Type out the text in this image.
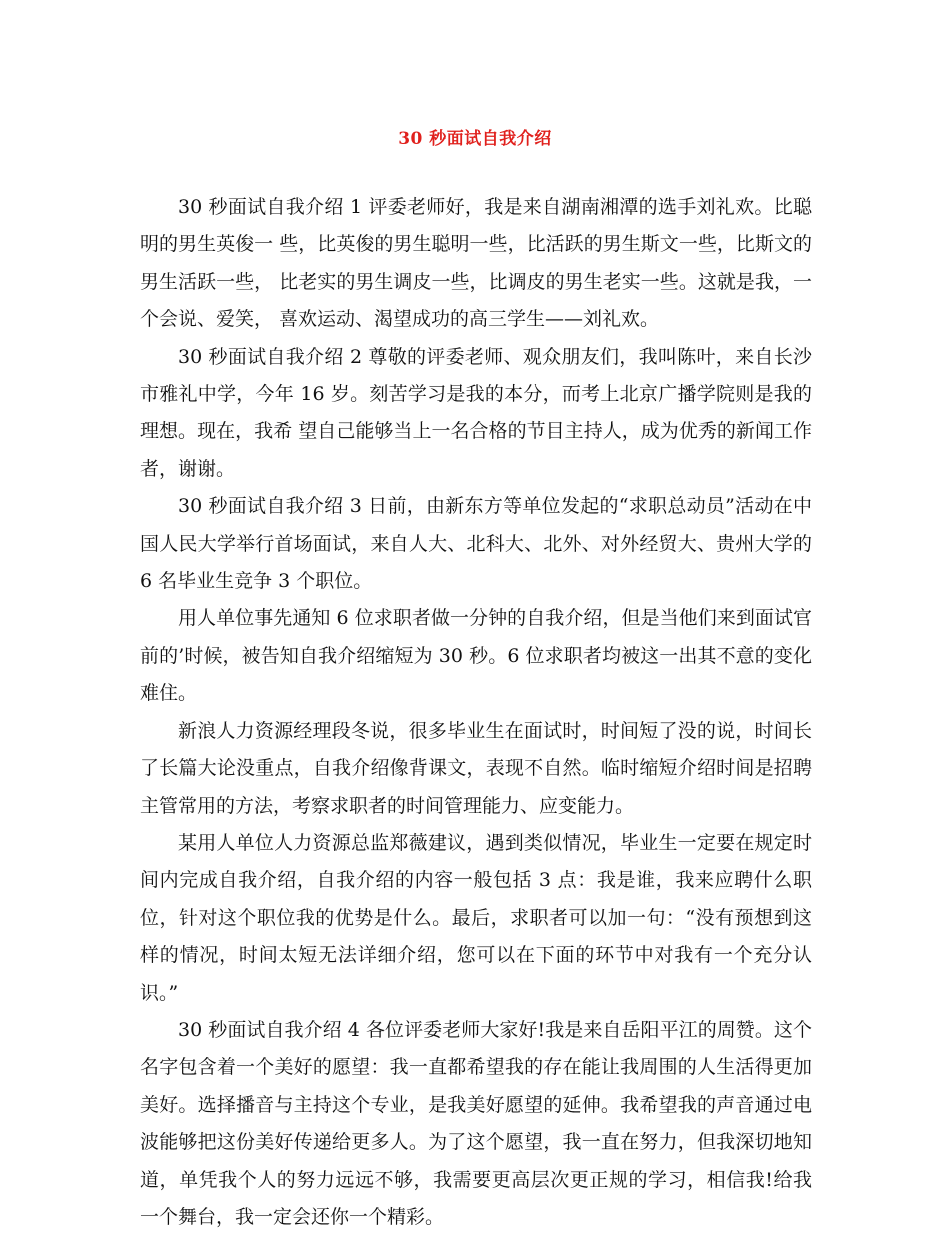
30 秒面试自我介绍

30 秒面试自我介绍 1 评委老师好，我是来自湖南湘潭的选手刘礼欢。比聪明的男生英俊一 些，比英俊的男生聪明一些，比活跃的男生斯文一些，比斯文的男生活跃一些， 比老实的男生调皮一些，比调皮的男生老实一些。这就是我，一个会说、爱笑， 喜欢运动、渴望成功的高三学生——刘礼欢。

30 秒面试自我介绍 2 尊敬的评委老师、观众朋友们，我叫陈叶，来自长沙市雅礼中学，今年 16 岁。刻苦学习是我的本分，而考上北京广播学院则是我的理想。现在，我希 望自己能够当上一名合格的节目主持人，成为优秀的新闻工作者，谢谢。

30 秒面试自我介绍 3 日前，由新东方等单位发起的“求职总动员”活动在中国人民大学举行首场面试，来自人大、北科大、北外、对外经贸大、贵州大学的 6 名毕业生竞争 3 个职位。

用人单位事先通知 6 位求职者做一分钟的自我介绍，但是当他们来到面试官前的’时候，被告知自我介绍缩短为 30 秒。6 位求职者均被这一出其不意的变化难住。

新浪人力资源经理段冬说，很多毕业生在面试时，时间短了没的说，时间长了长篇大论没重点，自我介绍像背课文，表现不自然。临时缩短介绍时间是招聘主管常用的方法，考察求职者的时间管理能力、应变能力。

某用人单位人力资源总监郑薇建议，遇到类似情况，毕业生一定要在规定时间内完成自我介绍，自我介绍的内容一般包括 3 点：我是谁，我来应聘什么职位，针对这个职位我的优势是什么。最后，求职者可以加一句：“没有预想到这样的情况，时间太短无法详细介绍，您可以在下面的环节中对我有一个充分认识。”

30 秒面试自我介绍 4 各位评委老师大家好!我是来自岳阳平江的周赞。这个名字包含着一个美好的愿望：我一直都希望我的存在能让我周围的人生活得更加美好。选择播音与主持这个专业，是我美好愿望的延伸。我希望我的声音通过电波能够把这份美好传递给更多人。为了这个愿望，我一直在努力，但我深切地知道，单凭我个人的努力远远不够，我需要更高层次更正规的学习，相信我!给我一个舞台，我一定会还你一个精彩。
